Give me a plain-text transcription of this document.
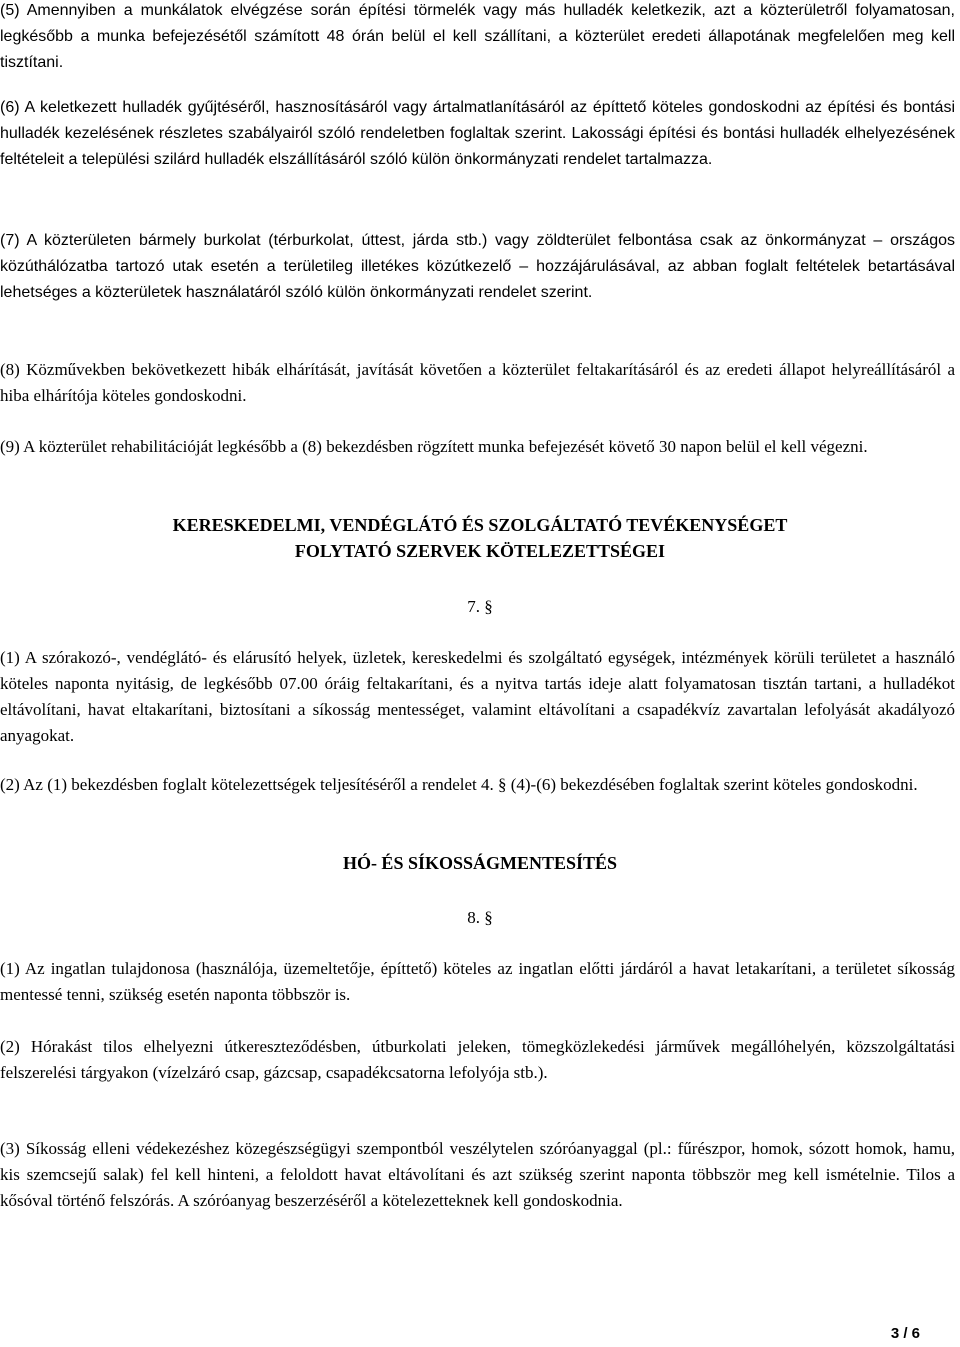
(5) Amennyiben a munkálatok elvégzése során építési törmelék vagy más hulladék keletkezik, azt a közterületről folyamatosan, legkésőbb a munka befejezésétől számított 48 órán belül el kell szállítani, a közterület eredeti állapotának megfelelően meg kell tisztítani.

(6) A keletkezett hulladék gyűjtéséről, hasznosításáról vagy ártalmatlanításáról az építtető köteles gondoskodni az építési és bontási hulladék kezelésének részletes szabályairól szóló rendeletben foglaltak szerint. Lakossági építési és bontási hulladék elhelyezésének feltételeit a települési szilárd hulladék elszállításáról szóló külön önkormányzati rendelet tartalmazza.

(7) A közterületen bármely burkolat (térburkolat, úttest, járda stb.) vagy zöldterület felbontása csak az önkormányzat – országos közúthálózatba tartozó utak esetén a területileg illetékes közútkezelő – hozzájárulásával, az abban foglalt feltételek betartásával lehetséges a közterületek használatáról szóló külön önkormányzati rendelet szerint.

(8) Közművekben bekövetkezett hibák elhárítását, javítását követően a közterület feltakarításáról és az eredeti állapot helyreállításáról a hiba elhárítója köteles gondoskodni.

(9) A közterület rehabilitációját legkésőbb a (8) bekezdésben rögzített munka befejezését követő 30 napon belül el kell végezni.

KERESKEDELMI, VENDÉGLÁTÓ ÉS SZOLGÁLTATÓ TEVÉKENYSÉGET
FOLYTATÓ SZERVEK KÖTELEZETTSÉGEI
7. §

(1) A szórakozó-, vendéglátó- és elárusító helyek, üzletek, kereskedelmi és szolgáltató egységek, intézmények körüli területet a használó köteles naponta nyitásig, de legkésőbb 07.00 óráig feltakarítani, és a nyitva tartás ideje alatt folyamatosan tisztán tartani, a hulladékot eltávolítani, havat eltakarítani, biztosítani a síkosság mentességet, valamint eltávolítani a csapadékvíz zavartalan lefolyását akadályozó anyagokat.

(2) Az (1) bekezdésben foglalt kötelezettségek teljesítéséről a rendelet 4. § (4)-(6) bekezdésében foglaltak szerint köteles gondoskodni.

HÓ- ÉS SÍKOSSÁGMENTESÍTÉS
8. §

(1) Az ingatlan tulajdonosa (használója, üzemeltetője, építtető) köteles az ingatlan előtti járdáról a havat letakarítani, a területet síkosság mentessé tenni, szükség esetén naponta többször is.

(2) Hórakást tilos elhelyezni útkereszteződésben, útburkolati jeleken, tömegközlekedési járművek megállóhelyén, közszolgáltatási felszerelési tárgyakon (vízelzáró csap, gázcsap, csapadékcsatorna lefolyója stb.).

(3) Síkosság elleni védekezéshez közegészségügyi szempontból veszélytelen szóróanyaggal (pl.: fűrészpor, homok, sózott homok, hamu, kis szemcsejű salak) fel kell hinteni, a feloldott havat eltávolítani és azt szükség szerint naponta többször meg kell ismételnie. Tilos a kősóval történő felszórás. A szóróanyag beszerzéséről a kötelezetteknek kell gondoskodnia.

3 / 6
